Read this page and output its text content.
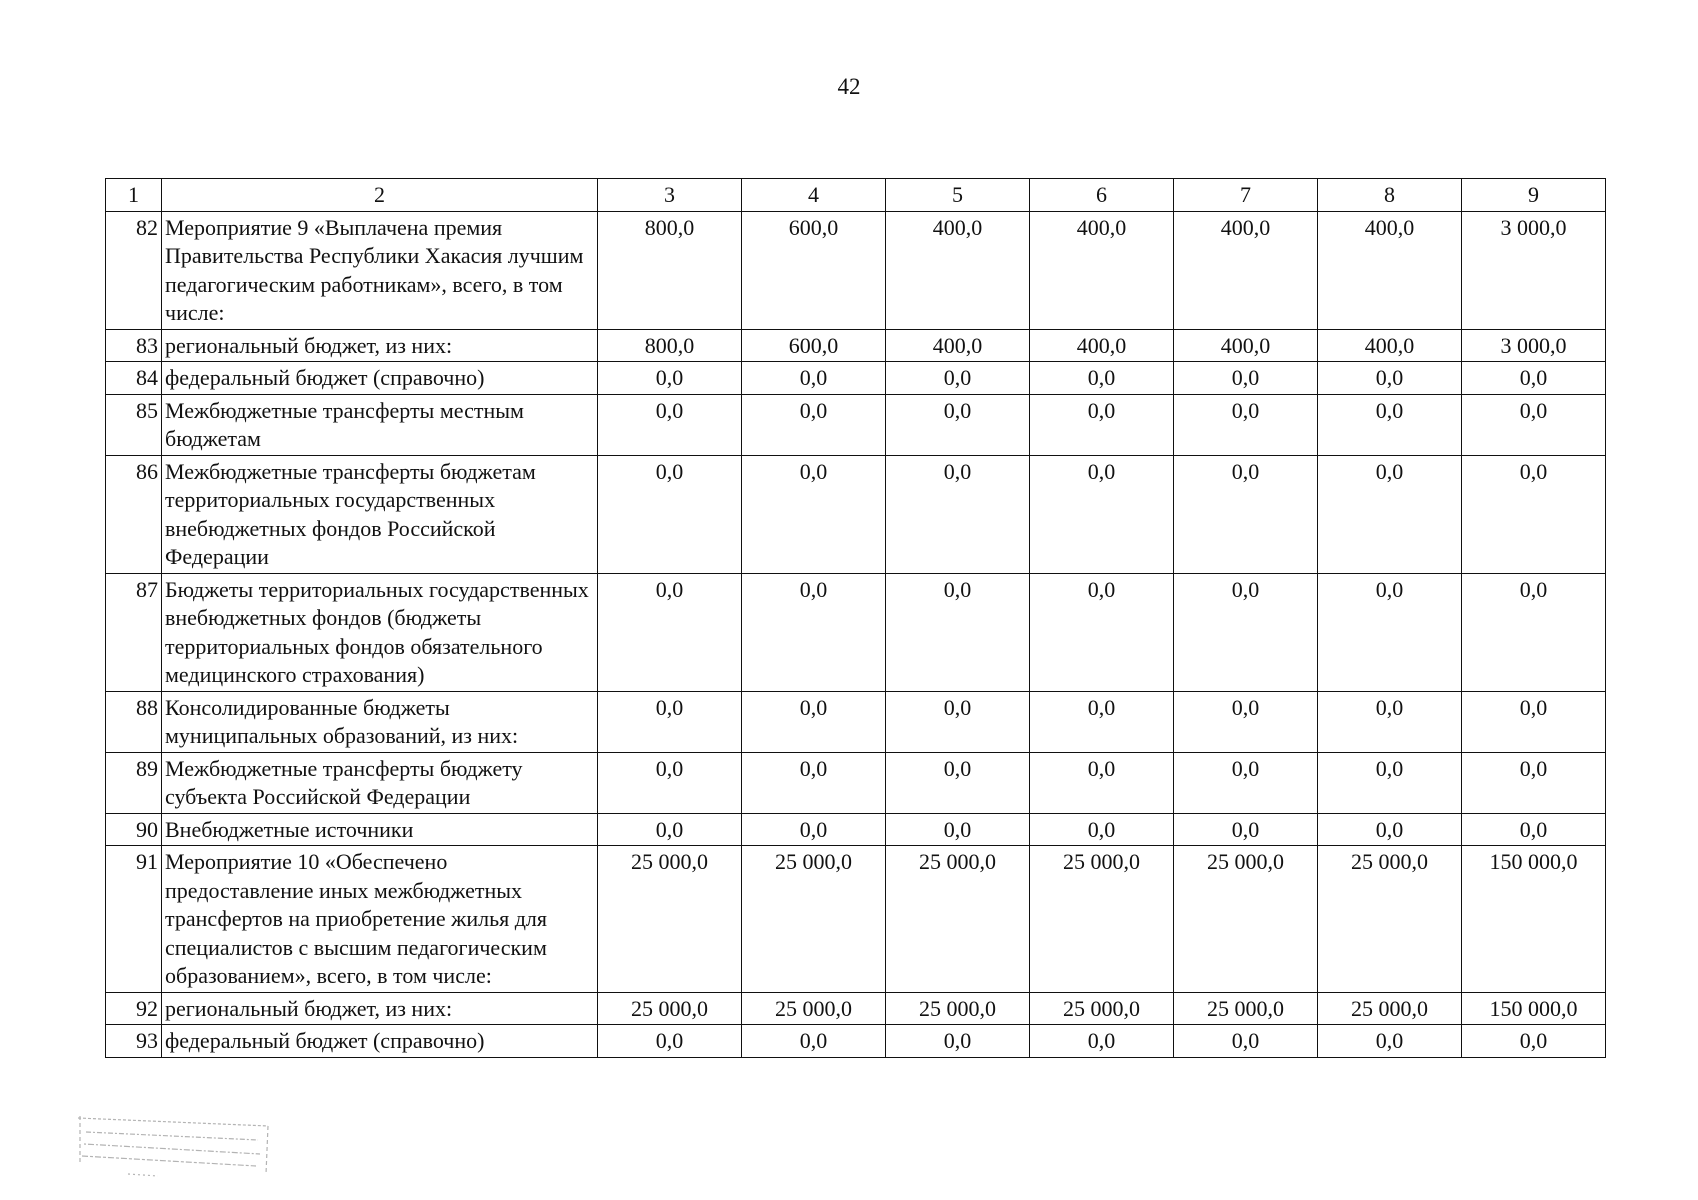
42
1	2	3	4	5	6	7	8	9
82	Мероприятие 9 «Выплачена премия Правительства Республики Хакасия лучшим педагогическим работникам», всего, в том числе:	800,0	600,0	400,0	400,0	400,0	400,0	3 000,0
83	региональный бюджет, из них:	800,0	600,0	400,0	400,0	400,0	400,0	3 000,0
84	федеральный бюджет (справочно)	0,0	0,0	0,0	0,0	0,0	0,0	0,0
85	Межбюджетные трансферты местным бюджетам	0,0	0,0	0,0	0,0	0,0	0,0	0,0
86	Межбюджетные трансферты бюджетам территориальных государственных внебюджетных фондов Российской Федерации	0,0	0,0	0,0	0,0	0,0	0,0	0,0
87	Бюджеты территориальных государственных внебюджетных фондов (бюджеты территориальных фондов обязательного медицинского страхования)	0,0	0,0	0,0	0,0	0,0	0,0	0,0
88	Консолидированные бюджеты муниципальных образований, из них:	0,0	0,0	0,0	0,0	0,0	0,0	0,0
89	Межбюджетные трансферты бюджету субъекта Российской Федерации	0,0	0,0	0,0	0,0	0,0	0,0	0,0
90	Внебюджетные источники	0,0	0,0	0,0	0,0	0,0	0,0	0,0
91	Мероприятие 10 «Обеспечено предоставление иных межбюджетных трансфертов на приобретение жилья для специалистов с высшим педагогическим образованием», всего, в том числе:	25 000,0	25 000,0	25 000,0	25 000,0	25 000,0	25 000,0	150 000,0
92	региональный бюджет, из них:	25 000,0	25 000,0	25 000,0	25 000,0	25 000,0	25 000,0	150 000,0
93	федеральный бюджет (справочно)	0,0	0,0	0,0	0,0	0,0	0,0	0,0
